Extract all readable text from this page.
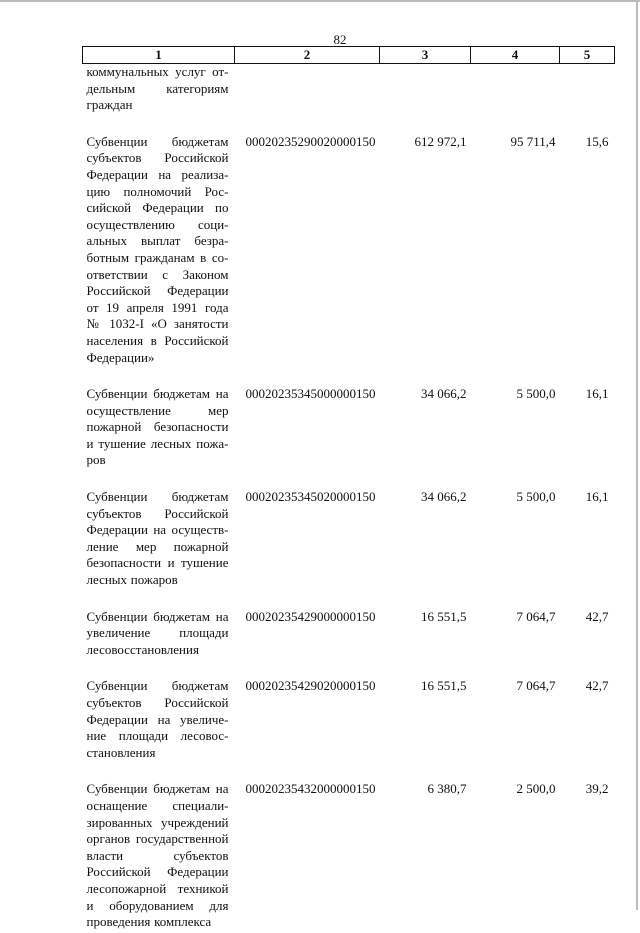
82
1	2	3	4	5
коммунальных услуг отдельным категориям граждан				
Субвенции бюджетам субъектов Российской Федерации на реализацию полномочий Российской Федерации по осуществлению социальных выплат безработным гражданам в соответствии с Законом Российской Федерации от 19 апреля 1991 года № 1032-I «О занятости населения в Российской Федерации»	00020235290020000150	612 972,1	95 711,4	15,6
Субвенции бюджетам на осуществление мер пожарной безопасности и тушение лесных пожаров	00020235345000000150	34 066,2	5 500,0	16,1
Субвенции бюджетам субъектов Российской Федерации на осуществление мер пожарной безопасности и тушение лесных пожаров	00020235345020000150	34 066,2	5 500,0	16,1
Субвенции бюджетам на увеличение площади лесовосстановления	00020235429000000150	16 551,5	7 064,7	42,7
Субвенции бюджетам субъектов Российской Федерации на увеличение площади лесовосстановления	00020235429020000150	16 551,5	7 064,7	42,7
Субвенции бюджетам на оснащение специализированных учреждений органов государственной власти субъектов Российской Федерации лесопожарной техникой и оборудованием для проведения комплекса	00020235432000000150	6 380,7	2 500,0	39,2
